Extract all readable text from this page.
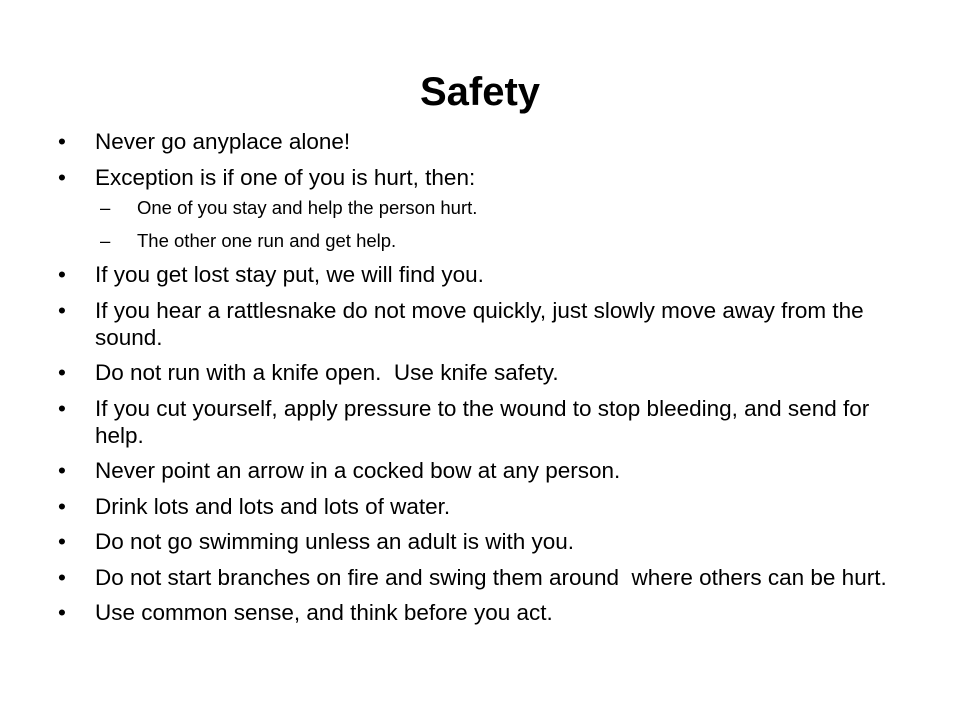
Safety
•	Never go anyplace alone!
•	Exception is if one of you is hurt, then:
–	One of you stay and help the person hurt.
–	The other one run and get help.
•	If you get lost stay put, we will find you.
•	If you hear a rattlesnake do not move quickly, just slowly move away from the sound.
•	Do not run with a knife open.  Use knife safety.
•	If you cut yourself, apply pressure to the wound to stop bleeding, and send for help.
•	Never point an arrow in a cocked bow at any person.
•	Drink lots and lots and lots of water.
•	Do not go swimming unless an adult is with you.
•	Do not start branches on fire and swing them around  where others can be hurt.
•	Use common sense, and think before you act.
